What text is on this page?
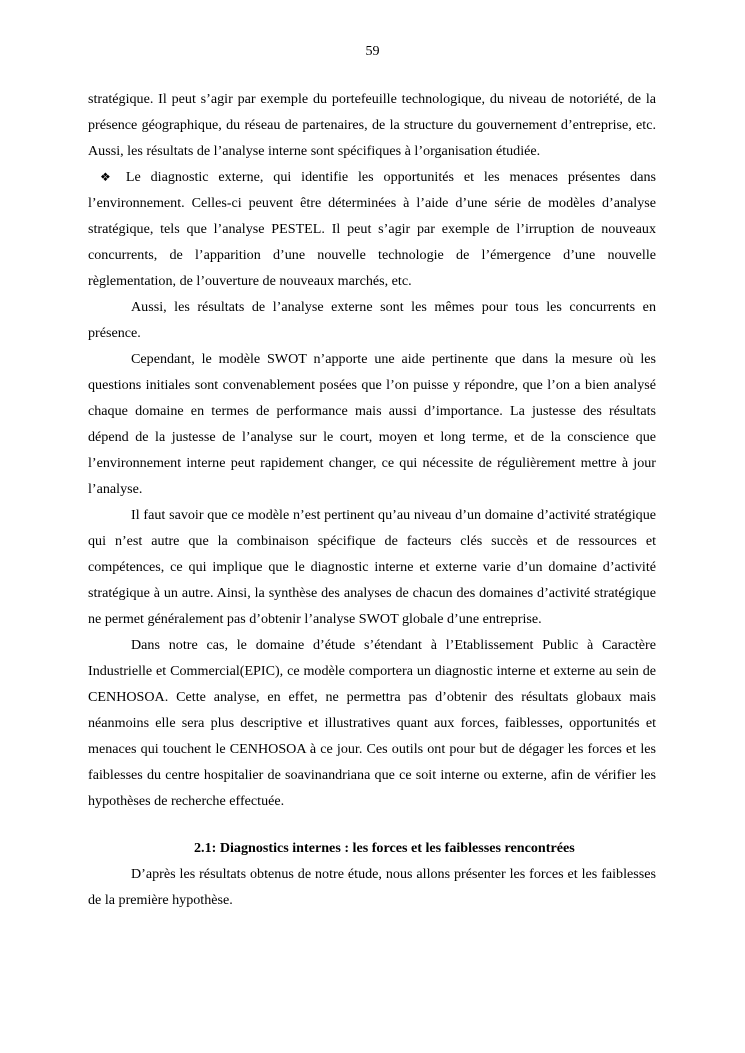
59

stratégique. Il peut s’agir par exemple du portefeuille technologique, du niveau de notoriété, de la présence géographique, du réseau de partenaires, de la structure du gouvernement d’entreprise, etc. Aussi, les résultats de l’analyse interne sont spécifiques à l’organisation étudiée.

❖ Le diagnostic externe, qui identifie les opportunités et les menaces présentes dans l’environnement. Celles-ci peuvent être déterminées à l’aide d’une série de modèles d’analyse stratégique, tels que l’analyse PESTEL. Il peut s’agir par exemple de l’irruption de nouveaux concurrents, de l’apparition d’une nouvelle technologie de l’émergence d’une nouvelle règlementation, de l’ouverture de nouveaux marchés, etc.

Aussi, les résultats de l’analyse externe sont les mêmes pour tous les concurrents en présence.

Cependant, le modèle SWOT n’apporte une aide pertinente que dans la mesure où les questions initiales sont convenablement posées que l’on puisse y répondre, que l’on a bien analysé chaque domaine en termes de performance mais aussi d’importance. La justesse des résultats dépend de la justesse de l’analyse sur le court, moyen et long terme, et de la conscience que l’environnement interne peut rapidement changer, ce qui nécessite de régulièrement mettre à jour l’analyse.

Il faut savoir que ce modèle n’est pertinent qu’au niveau d’un domaine d’activité stratégique qui n’est autre que la combinaison spécifique de facteurs clés succès et de ressources et compétences, ce qui implique que le diagnostic interne et externe varie d’un domaine d’activité stratégique à un autre. Ainsi, la synthèse des analyses de chacun des domaines d’activité stratégique ne permet généralement pas d’obtenir l’analyse SWOT globale d’une entreprise.

Dans notre cas, le domaine d’étude s’étendant à l’Etablissement Public à Caractère Industrielle et Commercial(EPIC), ce modèle comportera un diagnostic interne et externe au sein de CENHOSOA. Cette analyse, en effet, ne permettra pas d’obtenir des résultats globaux mais néanmoins elle sera plus descriptive et illustratives quant aux forces, faiblesses, opportunités et menaces qui touchent le CENHOSOA à ce jour. Ces outils ont pour but de dégager les forces et les faiblesses du centre hospitalier de soavinandriana que ce soit interne ou externe, afin de vérifier les hypothèses de recherche effectuée.

2.1: Diagnostics internes : les forces et les faiblesses rencontrées

D’après les résultats obtenus de notre étude, nous allons présenter les forces et les faiblesses de la première hypothèse.
